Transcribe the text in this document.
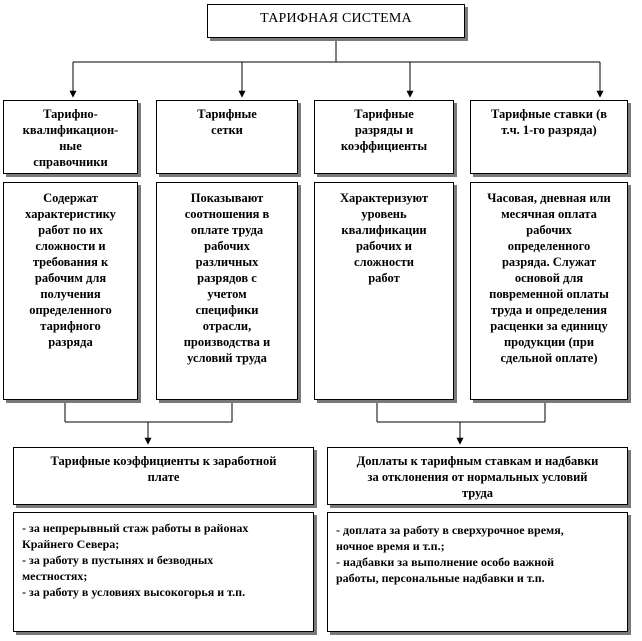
ТАРИФНАЯ СИСТЕМА
Тарифно-
квалификацион-
ные
справочники
Тарифные
сетки
Тарифные
разряды и
коэффициенты
Тарифные ставки (в
т.ч. 1-го разряда)
Содержат
характеристику
работ по их
сложности и
требования к
рабочим для
получения
определенного
тарифного
разряда
Показывают
соотношения в
оплате труда
рабочих
различных
разрядов с
учетом
специфики
отрасли,
производства и
условий труда
Характеризуют
уровень
квалификации
рабочих и
сложности
работ
Часовая, дневная или
месячная оплата
рабочих
определенного
разряда. Служат
основой для
повременной оплаты
труда и определения
расценки за единицу
продукции (при
сдельной оплате)
Тарифные коэффициенты к заработной
плате
- за непрерывный стаж работы в районах
Крайнего Севера;
- за работу в пустынях и безводных
местностях;
- за работу в условиях высокогорья и т.п.
Доплаты к тарифным ставкам и надбавки
за отклонения от нормальных условий
труда
- доплата за работу в сверхурочное время,
ночное время и т.п.;
- надбавки за выполнение особо важной
работы, персональные надбавки и т.п.
